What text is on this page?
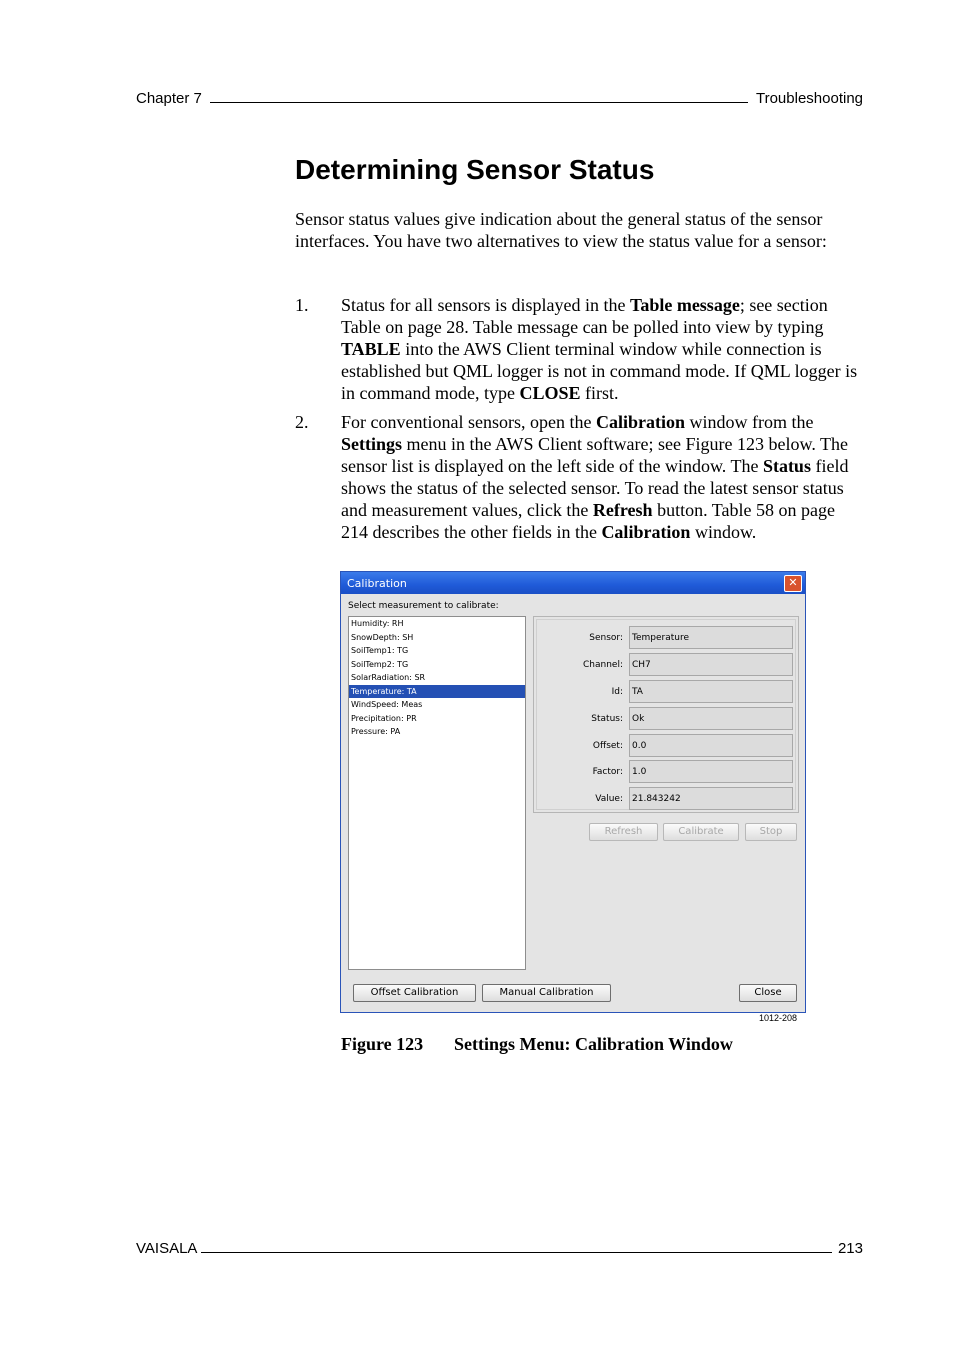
Chapter 7	Troubleshooting
Determining Sensor Status

Sensor status values give indication about the general status of the sensor interfaces. You have two alternatives to view the status value for a sensor:

1. Status for all sensors is displayed in the Table message; see section Table on page 28. Table message can be polled into view by typing TABLE into the AWS Client terminal window while connection is established but QML logger is not in command mode. If QML logger is in command mode, type CLOSE first.
2. For conventional sensors, open the Calibration window from the Settings menu in the AWS Client software; see Figure 123 below. The sensor list is displayed on the left side of the window. The Status field shows the status of the selected sensor. To read the latest sensor status and measurement values, click the Refresh button. Table 58 on page 214 describes the other fields in the Calibration window.
Calibration	✕
Select measurement to calibrate:
Humidity: RH
SnowDepth: SH
SoilTemp1: TG
SoilTemp2: TG
SolarRadiation: SR
Temperature: TA
WindSpeed: Meas
Precipitation: PR
Pressure: PA
Sensor:	Temperature
Channel:	CH7
Id:	TA
Status:	Ok
Offset:	0.0
Factor:	1.0
Value:	21.843242
Refresh	Calibrate	Stop
Offset Calibration	Manual Calibration	Close
1012-208
Figure 123 Settings Menu: Calibration Window
VAISALA	213
